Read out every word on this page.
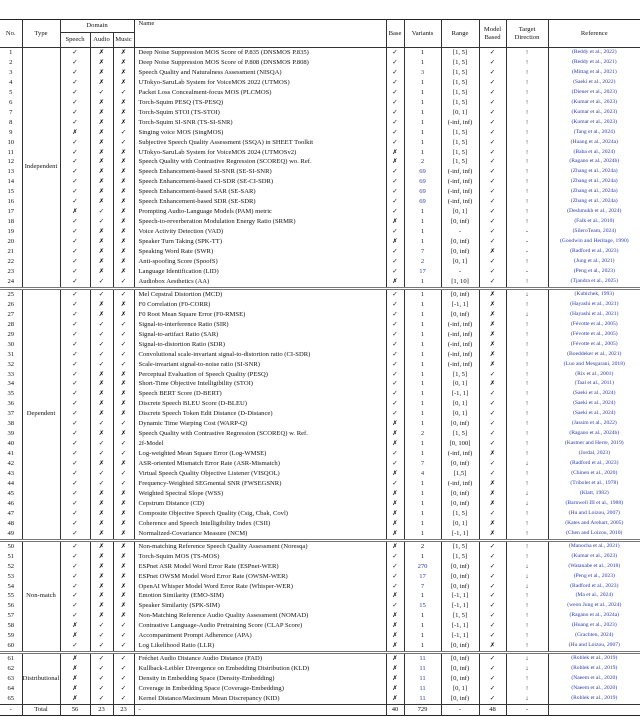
No.	Type	Domain			Name	Base	Variants	Range	Model Based	Target Direction	Reference
		Speech	Audio	Music							
1	Independent	✓	✗	✗	Deep Noise Suppression MOS Score of P.835 (DNSMOS P.835)	✓	1	[1, 5]	✓	↑	(Reddy et al., 2022)
2		✓	✗	✗	Deep Noise Suppression MOS Score of P.808 (DNSMOS P.808)	✓	1	[1, 5]	✓	↑	(Reddy et al., 2021)
3		✓	✗	✗	Speech Quality and Naturalness Assessment (NISQA)	✓	3	[1, 5]	✓	↑	(Mittag et al., 2021)
4		✓	✗	✗	UTokyo-SaruLab System for VoiceMOS 2022 (UTMOS)	✓	1	[1, 5]	✓	↑	(Saeki et al., 2022)
5		✓	✓	✓	Packet Loss Concealment-focus MOS (PLCMOS)	✓	1	[1, 5]	✓	↑	(Diener et al., 2023)
6		✓	✗	✗	Torch-Squim PESQ (TS-PESQ)	✓	1	[1, 5]	✓	↑	(Kumar et al., 2023)
7		✓	✗	✗	Torch-Squim STOI (TS-STOI)	✓	1	[0, 1]	✓	↑	(Kumar et al., 2023)
8		✓	✗	✗	Torch-Squim SI-SNR (TS-SI-SNR)	✓	1	(-inf, inf)	✓	↑	(Kumar et al., 2023)
9		✗	✗	✓	Singing voice MOS (SingMOS)	✓	1	[1, 5]	✓	↑	(Tang et al., 2024)
10		✓	✗	✓	Subjective Speech Quality Assessment (SSQA) in SHEET Toolkit	✓	1	[1, 5]	✓	↑	(Huang et al., 2024a)
11		✓	✗	✗	UTokyo-SaruLab System for VoiceMOS 2024 (UTMOSv2)	✗	1	[1, 5]	✓	↑	(Baba et al., 2024)
12		✓	✗	✗	Speech Quality with Contrastive Regression (SCOREQ) wo. Ref.	✗	2	[1, 5]	✓	↑	(Ragano et al., 2024b)
13		✓	✗	✗	Speech Enhancement-based SI-SNR (SE-SI-SNR)	✓	69	(-inf, inf)	✓	↑	(Zhang et al., 2024a)
14		✓	✗	✗	Speech Enhancement-based CI-SDR (SE-CI-SDR)	✓	69	(-inf, inf)	✓	↑	(Zhang et al., 2024a)
15		✓	✗	✗	Speech Enhancement-based SAR (SE-SAR)	✓	69	(-inf, inf)	✓	↑	(Zhang et al., 2024a)
16		✓	✗	✗	Speech Enhancement-based SDR (SE-SDR)	✓	69	(-inf, inf)	✓	↑	(Zhang et al., 2024a)
17		✗	✓	✗	Prompting Audio-Language Models (PAM) metric	✓	1	[0, 1]	✓	↑	(Deshmukh et al., 2024)
18		✓	✓	✗	Speech-to-reverberation Modulation Energy Ratio (SRMR)	✗	1	[0, inf)	✓	↑	(Falk et al., 2010)
19		✓	✗	✗	Voice Activity Detection (VAD)	✓	1	-	✓	-	(SileroTeam, 2024)
20		✓	✗	✗	Speaker Turn Taking (SPK-TT)	✗	1	[0, inf)	✓	-	(Goodwin and Heritage, 1990)
21		✓	✗	✗	Speaking Word Rate (SWR)	✓	7	[0, inf)	✗	-	(Radford et al., 2023)
22		✓	✗	✗	Anti-spoofing Score (SpoofS)	✓	2	[0, 1]	✓	↑	(Jung et al., 2021)
23		✓	✗	✗	Language Identification (LID)	✓	17	-	✓	-	(Peng et al., 2023)
24		✓	✓	✓	Audiobox Aesthetics (AA)	✗	1	[1, 10]	✓	↑	(Tjandra et al., 2025)
25	Dependent	✓	✓	✓	Mel Cepstral Distortion (MCD)	✓	1	[0, inf)	✗	↓	(Kubichek, 1993)
26		✓	✗	✗	F0 Correlation (F0-CORR)	✓	1	[-1, 1]	✗	↑	(Hayashi et al., 2021)
27		✓	✗	✗	F0 Root Mean Square Error (F0-RMSE)	✓	1	[0, inf)	✗	↓	(Hayashi et al., 2021)
28		✓	✓	✓	Signal-to-interference Ratio (SIR)	✓	1	(-inf, inf)	✗	↑	(Févotte et al., 2005)
29		✓	✓	✓	Signal-to-artifact Ratio (SAR)	✓	1	(-inf, inf)	✗	↑	(Févotte et al., 2005)
30		✓	✓	✓	Signal-to-distortion Ratio (SDR)	✓	1	(-inf, inf)	✗	↑	(Févotte et al., 2005)
31		✓	✓	✓	Convolutional scale-invariant signal-to-distortion ratio (CI-SDR)	✓	1	(-inf, inf)	✗	↑	(Boeddeker et al., 2021)
32		✓	✓	✓	Scale-invariant signal-to-noise ratio (SI-SNR)	✓	1	(-inf, inf)	✗	↑	(Luo and Mesgarani, 2018)
33		✓	✗	✗	Perceptual Evaluation of Speech Quality (PESQ)	✓	1	[1, 5]	✓	↑	(Rix et al., 2001)
34		✓	✗	✗	Short-Time Objective Intelligibility (STOI)	✓	1	[0, 1]	✗	↑	(Taal et al., 2011)
35		✓	✗	✗	Speech BERT Score (D-BERT)	✓	1	[-1, 1]	✓	↑	(Saeki et al., 2024)
36		✓	✗	✗	Discrete Speech BLEU Score (D-BLEU)	✓	1	[0, 1]	✓	↑	(Saeki et al., 2024)
37		✓	✗	✗	Discrete Speech Token Edit Distance (D-Distance)	✓	1	[0, 1]	✓	↑	(Saeki et al., 2024)
38		✓	✓	✓	Dynamic Time Warping Cost (WARP-Q)	✗	1	[0, inf)	✓	↑	(Jassim et al., 2022)
39		✓	✗	✗	Speech Quality with Contrastive Regression (SCOREQ) w. Ref.	✗	2	[1, 5]	✓	↑	(Ragano et al., 2024b)
40		✓	✓	✓	2f-Model	✗	1	[0, 100]	✓	↑	(Kastner and Herre, 2019)
41		✓	✓	✓	Log-weighted Mean Square Error (Log-WMSE)	✓	1	(-inf, inf)	✗	↑	(Jordal, 2023)
42		✓	✗	✗	ASR-oriented Mismatch Error Rate (ASR-Mismatch)	✓	7	[0, inf)	✓	↓	(Radford et al., 2023)
43		✓	✓	✓	Virtual Speech Quality Objective Listener (VISQOL)	✗	4	[1,5]	✓	↑	(Chinen et al., 2020)
44		✓	✓	✓	Frequency-Weighted SEGmental SNR (FWSEGSNR)	✓	1	(-inf, inf)	✗	↑	(Tribolet et al., 1978)
45		✓	✗	✗	Weighted Spectral Slope (WSS)	✗	1	[0, inf)	✗	↓	(Klatt, 1982)
46		✓	✗	✗	Cepstrum Distance (CD)	✗	1	[0, inf)	✗	↓	(Barnwell III et al., 1988)
47		✓	✗	✗	Composite Objective Speech Quality (Csig, Cbak, Covl)	✗	1	[1, 5]	✓	↑	(Hu and Loizou, 2007)
48		✓	✗	✗	Coherence and Speech Intelligibility Index (CSII)	✗	1	[0, 1]	✗	↑	(Kates and Arehart, 2005)
49		✓	✗	✗	Normalized-Covariance Measure (NCM)	✗	1	[-1, 1]	✗	↑	(Chen and Loizou, 2010)
50	Non-match	✓	✗	✗	Non-matching Reference Speech Quality Assessment (Noresqa)	✗	2	[1, 5]	✓	↑	(Manocha et al., 2021)
51		✓	✗	✗	Torch-Squim MOS (TS-MOS)	✓	1	[1, 5]	✓	↑	(Kumar et al., 2023)
52		✓	✗	✗	ESPnet ASR Model Word Error Rate (ESPnet-WER)	✓	270	[0, inf)	✓	↓	(Watanabe et al., 2018)
53		✓	✗	✗	ESPnet OWSM Model Word Error Rate (OWSM-WER)	✓	17	[0, inf)	✓	↓	(Peng et al., 2023)
54		✓	✗	✗	OpenAI Whisper Model Word Error Rate (Whisper-WER)	✓	7	[0, inf)	✓	↓	(Radford et al., 2023)
55		✓	✗	✗	Emotion Similarity (EMO-SIM)	✗	1	[-1, 1]	✓	↑	(Ma et al., 2024)
56		✓	✗	✗	Speaker Similarity (SPK-SIM)	✓	15	[-1, 1]	✓	↑	(weon Jung et al., 2024)
57		✓	✗	✗	Non-Matching Reference Audio Quality Assessment (NOMAD)	✗	1	[1, 5]	✓	↑	(Ragano et al., 2024a)
58		✗	✓	✓	Contrastive Language-Audio Pretraining Score (CLAP Score)	✗	1	[-1, 1]	✓	↑	(Huang et al., 2023)
59		✗	✓	✓	Accompaniment Prompt Adherence (APA)	✗	1	[-1, 1]	✓	↑	(Grachten, 2024)
60		✓	✓	✓	Log Likelihood Ratio (LLR)	✗	1	[0, inf)	✗	↑	(Hu and Loizou, 2007)
61	Distributional	✗	✓	✓	Fréchet Audio Distance Audio Distance (FAD)	✗	11	[0, inf)	✓	↓	(Roblek et al., 2019)
62		✗	✓	✓	Kullback-Leibler Divergence on Embedding Distribution (KLD)	✗	11	[0, inf)	✓	↓	(Roblek et al., 2019)
63		✗	✓	✓	Density in Embedding Space (Density-Embedding)	✗	11	[0, inf)	✓	↑	(Naeem et al., 2020)
64		✗	✓	✓	Coverage in Embedding Space (Coverage-Embedding)	✗	11	[0, 1]	✓	↑	(Naeem et al., 2020)
65		✗	✓	✓	Kernel Distance/Maximum Mean Discrepancy (KID)	✗	11	[0, inf)	✓	↓	(Roblek et al., 2019)
-	Total	56	23	23	-	40	729	-	48	-	
